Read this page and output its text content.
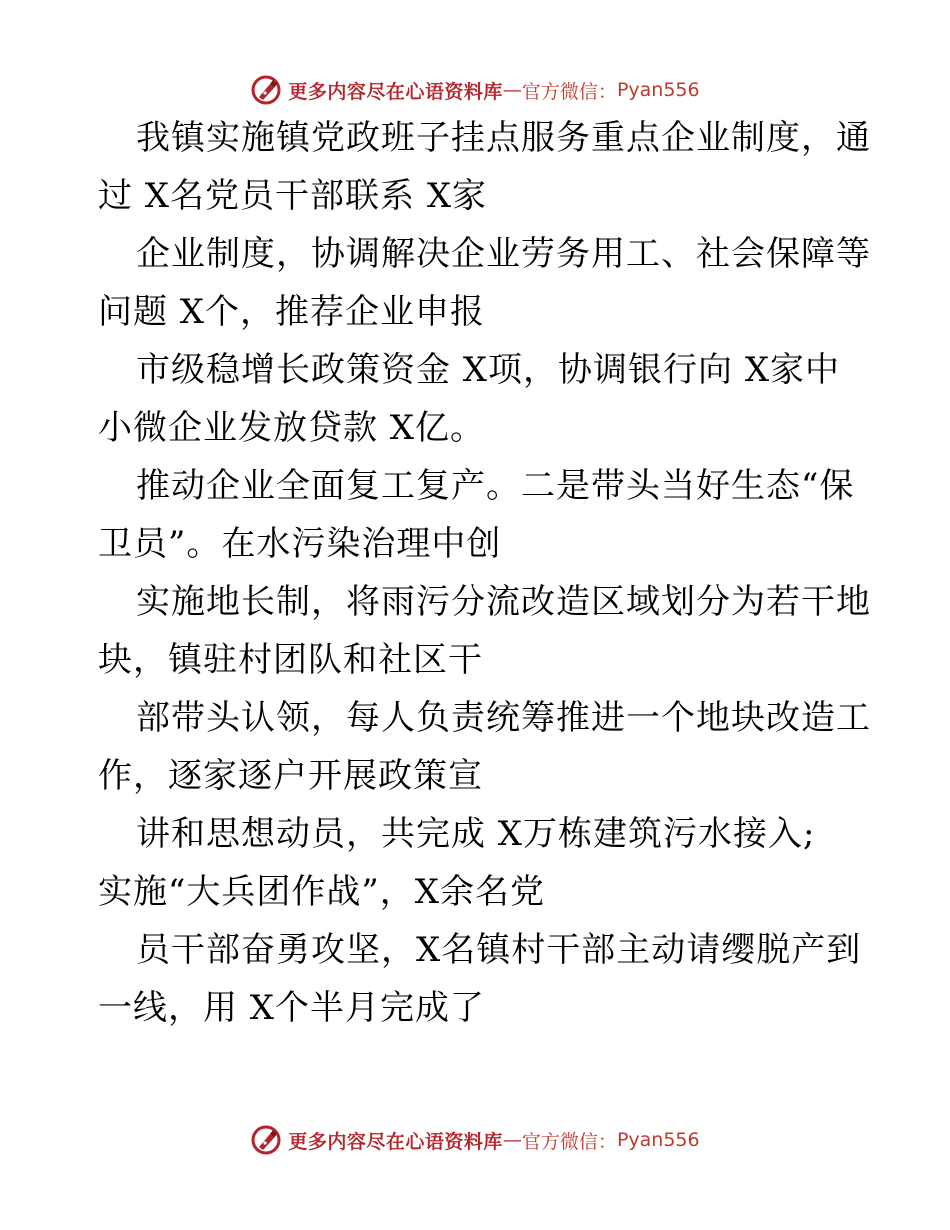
更多内容尽在心语资料库 — 官方微信： Pyan556
我镇实施镇党政班子挂点服务重点企业制度，通
过 X名党员干部联系 X家
企业制度，协调解决企业劳务用工、社会保障等
问题 X个，推荐企业申报
市级稳增长政策资金 X项，协调银行向 X家中
小微企业发放贷款 X亿。
推动企业全面复工复产。二是带头当好生态“保
卫员”。在水污染治理中创
实施地长制，将雨污分流改造区域划分为若干地
块，镇驻村团队和社区干
部带头认领，每人负责统筹推进一个地块改造工
作，逐家逐户开展政策宣
讲和思想动员，共完成 X万栋建筑污水接入;
实施“大兵团作战”，X余名党
员干部奋勇攻坚，X名镇村干部主动请缨脱产到
一线，用 X个半月完成了
更多内容尽在心语资料库 — 官方微信： Pyan556
